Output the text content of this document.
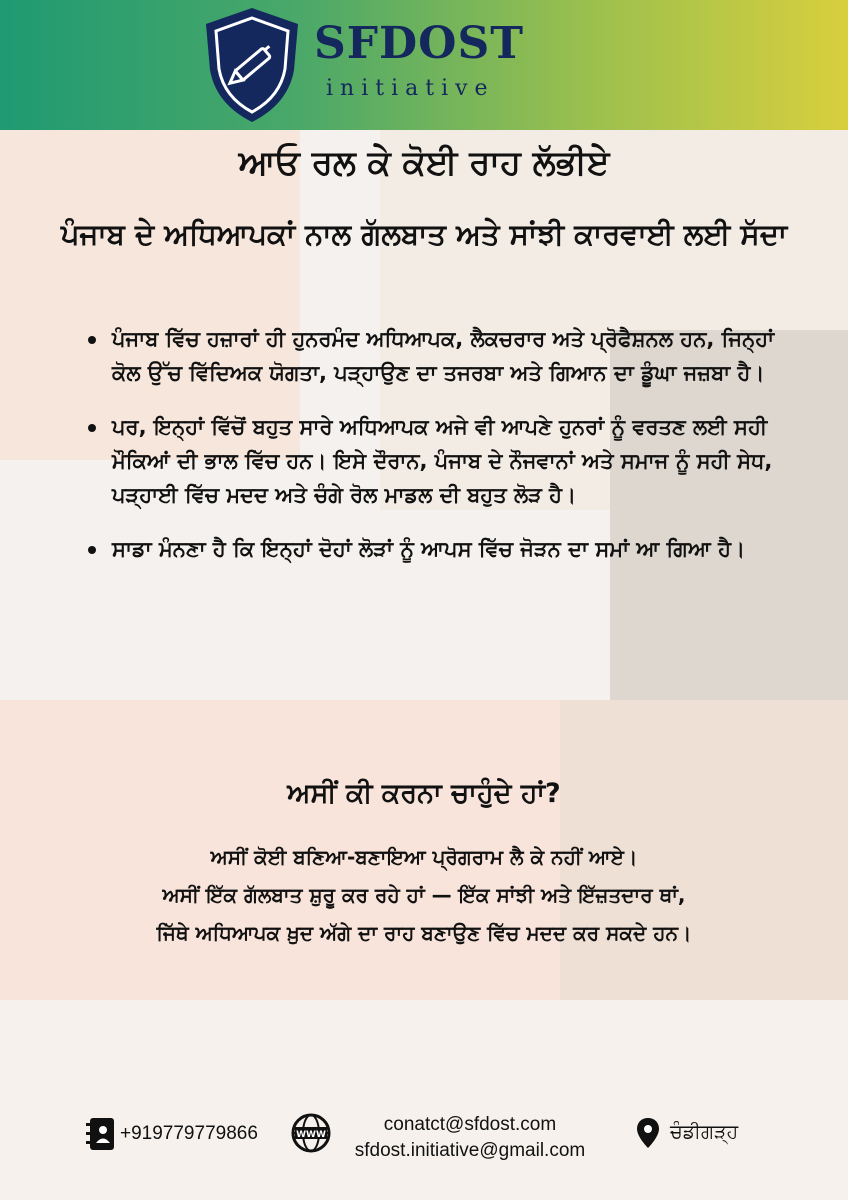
SFDOST
initiative
ਆਓ ਰਲ ਕੇ ਕੋਈ ਰਾਹ ਲੱਭੀਏ
ਪੰਜਾਬ ਦੇ ਅਧਿਆਪਕਾਂ ਨਾਲ ਗੱਲਬਾਤ ਅਤੇ ਸਾਂਝੀ ਕਾਰਵਾਈ ਲਈ ਸੱਦਾ
ਪੰਜਾਬ ਵਿੱਚ ਹਜ਼ਾਰਾਂ ਹੀ ਹੁਨਰਮੰਦ ਅਧਿਆਪਕ, ਲੈਕਚਰਾਰ ਅਤੇ ਪ੍ਰੋਫੈਸ਼ਨਲ ਹਨ, ਜਿਨ੍ਹਾਂ ਕੋਲ ਉੱਚ ਵਿੱਦਿਅਕ ਯੋਗਤਾ, ਪੜ੍ਹਾਉਣ ਦਾ ਤਜਰਬਾ ਅਤੇ ਗਿਆਨ ਦਾ ਡੂੰਘਾ ਜਜ਼ਬਾ ਹੈ।
ਪਰ, ਇਨ੍ਹਾਂ ਵਿੱਚੋਂ ਬਹੁਤ ਸਾਰੇ ਅਧਿਆਪਕ ਅਜੇ ਵੀ ਆਪਣੇ ਹੁਨਰਾਂ ਨੂੰ ਵਰਤਣ ਲਈ ਸਹੀ ਮੌਕਿਆਂ ਦੀ ਭਾਲ ਵਿੱਚ ਹਨ। ਇਸੇ ਦੌਰਾਨ, ਪੰਜਾਬ ਦੇ ਨੌਜਵਾਨਾਂ ਅਤੇ ਸਮਾਜ ਨੂੰ ਸਹੀ ਸੇਧ, ਪੜ੍ਹਾਈ ਵਿੱਚ ਮਦਦ ਅਤੇ ਚੰਗੇ ਰੋਲ ਮਾਡਲ ਦੀ ਬਹੁਤ ਲੋੜ ਹੈ।
ਸਾਡਾ ਮੰਨਣਾ ਹੈ ਕਿ ਇਨ੍ਹਾਂ ਦੋਹਾਂ ਲੋੜਾਂ ਨੂੰ ਆਪਸ ਵਿੱਚ ਜੋੜਨ ਦਾ ਸਮਾਂ ਆ ਗਿਆ ਹੈ।
ਅਸੀਂ ਕੀ ਕਰਨਾ ਚਾਹੁੰਦੇ ਹਾਂ?
ਅਸੀਂ ਕੋਈ ਬਣਿਆ-ਬਣਾਇਆ ਪ੍ਰੋਗਰਾਮ ਲੈ ਕੇ ਨਹੀਂ ਆਏ।
ਅਸੀਂ ਇੱਕ ਗੱਲਬਾਤ ਸ਼ੁਰੂ ਕਰ ਰਹੇ ਹਾਂ — ਇੱਕ ਸਾਂਝੀ ਅਤੇ ਇੱਜ਼ਤਦਾਰ ਥਾਂ,
ਜਿੱਥੇ ਅਧਿਆਪਕ ਖ਼ੁਦ ਅੱਗੇ ਦਾ ਰਾਹ ਬਣਾਉਣ ਵਿੱਚ ਮਦਦ ਕਰ ਸਕਦੇ ਹਨ।
+919779779866	WWW	conatct@sfdost.com
sfdost.initiative@gmail.com
ਚੰਡੀਗੜ੍ਹ
